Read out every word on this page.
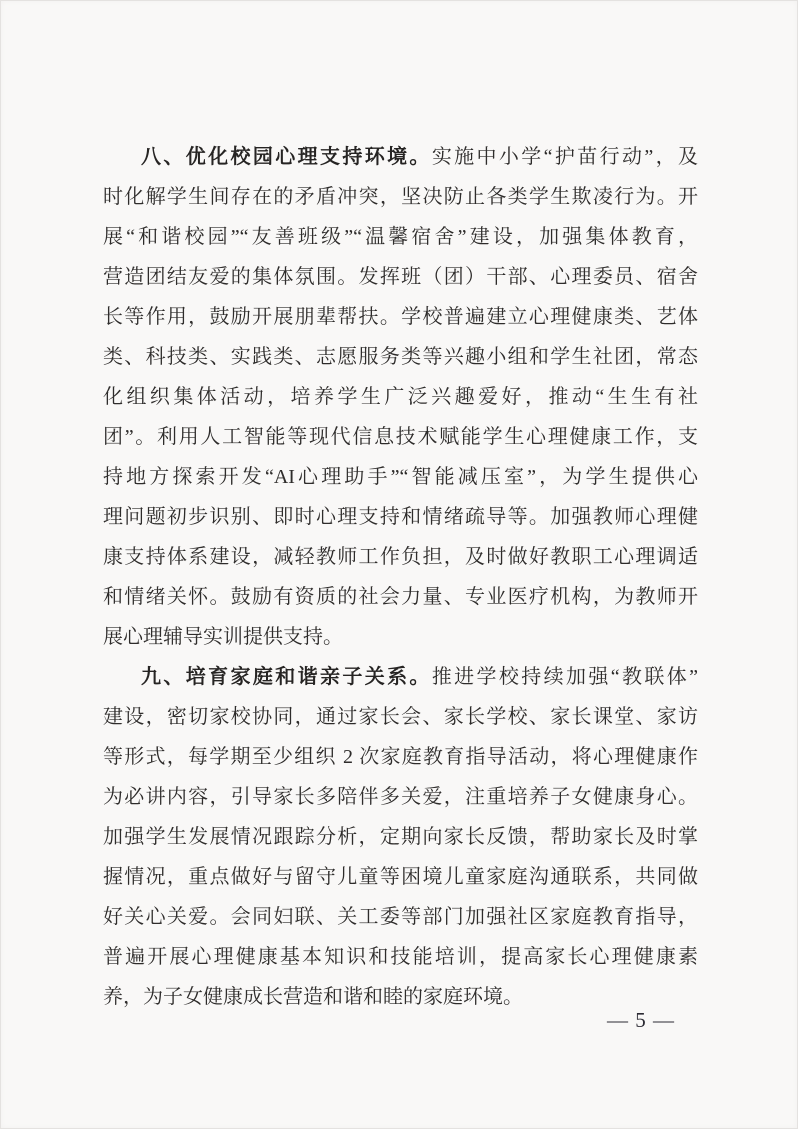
八、优化校园心理支持环境。实施中小学“护苗行动”，及
时化解学生间存在的矛盾冲突，坚决防止各类学生欺凌行为。开
展“和谐校园”“友善班级”“温馨宿舍”建设，加强集体教育，
营造团结友爱的集体氛围。发挥班（团）干部、心理委员、宿舍
长等作用，鼓励开展朋辈帮扶。学校普遍建立心理健康类、艺体
类、科技类、实践类、志愿服务类等兴趣小组和学生社团，常态
化组织集体活动，培养学生广泛兴趣爱好，推动“生生有社
团”。利用人工智能等现代信息技术赋能学生心理健康工作，支
持地方探索开发“AI心理助手”“智能减压室”，为学生提供心
理问题初步识别、即时心理支持和情绪疏导等。加强教师心理健
康支持体系建设，减轻教师工作负担，及时做好教职工心理调适
和情绪关怀。鼓励有资质的社会力量、专业医疗机构，为教师开
展心理辅导实训提供支持。
九、培育家庭和谐亲子关系。推进学校持续加强“教联体”
建设，密切家校协同，通过家长会、家长学校、家长课堂、家访
等形式，每学期至少组织 2 次家庭教育指导活动，将心理健康作
为必讲内容，引导家长多陪伴多关爱，注重培养子女健康身心。
加强学生发展情况跟踪分析，定期向家长反馈，帮助家长及时掌
握情况，重点做好与留守儿童等困境儿童家庭沟通联系，共同做
好关心关爱。会同妇联、关工委等部门加强社区家庭教育指导，
普遍开展心理健康基本知识和技能培训，提高家长心理健康素
养，为子女健康成长营造和谐和睦的家庭环境。
— 5 —
